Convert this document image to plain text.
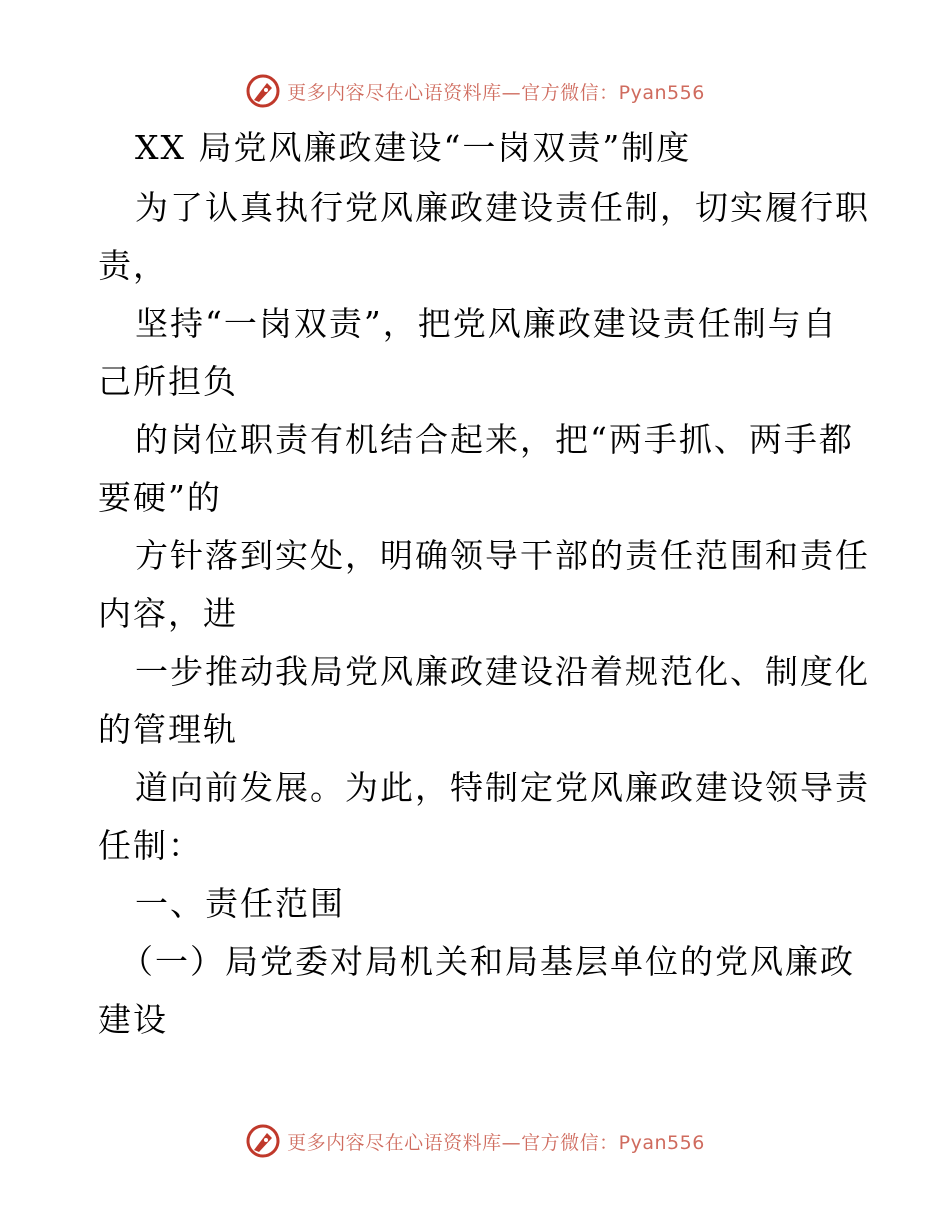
更多内容尽在心语资料库—官方微信：Pyan556
XX 局党风廉政建设“一岗双责”制度
为了认真执行党风廉政建设责任制，切实履行职
责，
坚持“一岗双责”，把党风廉政建设责任制与自
己所担负
的岗位职责有机结合起来，把“两手抓、两手都
要硬”的
方针落到实处，明确领导干部的责任范围和责任
内容，进
一步推动我局党风廉政建设沿着规范化、制度化
的管理轨
道向前发展。为此，特制定党风廉政建设领导责
任制：
一、责任范围
（一）局党委对局机关和局基层单位的党风廉政
建设
更多内容尽在心语资料库—官方微信：Pyan556
